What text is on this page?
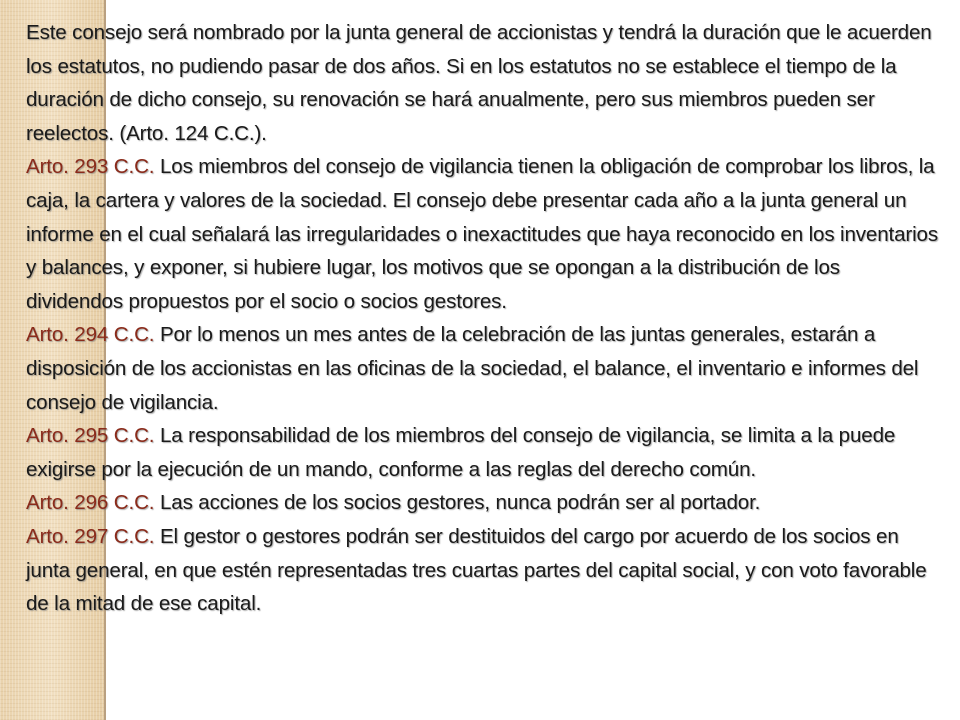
Este consejo será nombrado por la junta general de accionistas y tendrá la duración que le acuerden los estatutos, no pudiendo pasar de dos años. Si en los estatutos no se establece el tiempo de la duración de dicho consejo, su renovación se hará anualmente, pero sus miembros pueden ser reelectos. (Arto. 124 C.C.).

Arto. 293 C.C. Los miembros del consejo de vigilancia tienen la obligación de comprobar los libros, la caja, la cartera y valores de la sociedad. El consejo debe presentar cada año a la junta general un informe en el cual señalará las irregularidades o inexactitudes que haya reconocido en los inventarios y balances, y exponer, si hubiere lugar, los motivos que se opongan a la distribución de los dividendos propuestos por el socio o socios gestores.

Arto. 294 C.C. Por lo menos un mes antes de la celebración de las juntas generales, estarán a disposición de los accionistas en las oficinas de la sociedad, el balance, el inventario e informes del consejo de vigilancia.

Arto. 295 C.C. La responsabilidad de los miembros del consejo de vigilancia, se limita a la puede exigirse por la ejecución de un mando, conforme a las reglas del derecho común.

Arto. 296 C.C. Las acciones de los socios gestores, nunca podrán ser al portador.

Arto. 297 C.C. El gestor o gestores podrán ser destituidos del cargo por acuerdo de los socios en junta general, en que estén representadas tres cuartas partes del capital social, y con voto favorable de la mitad de ese capital.
